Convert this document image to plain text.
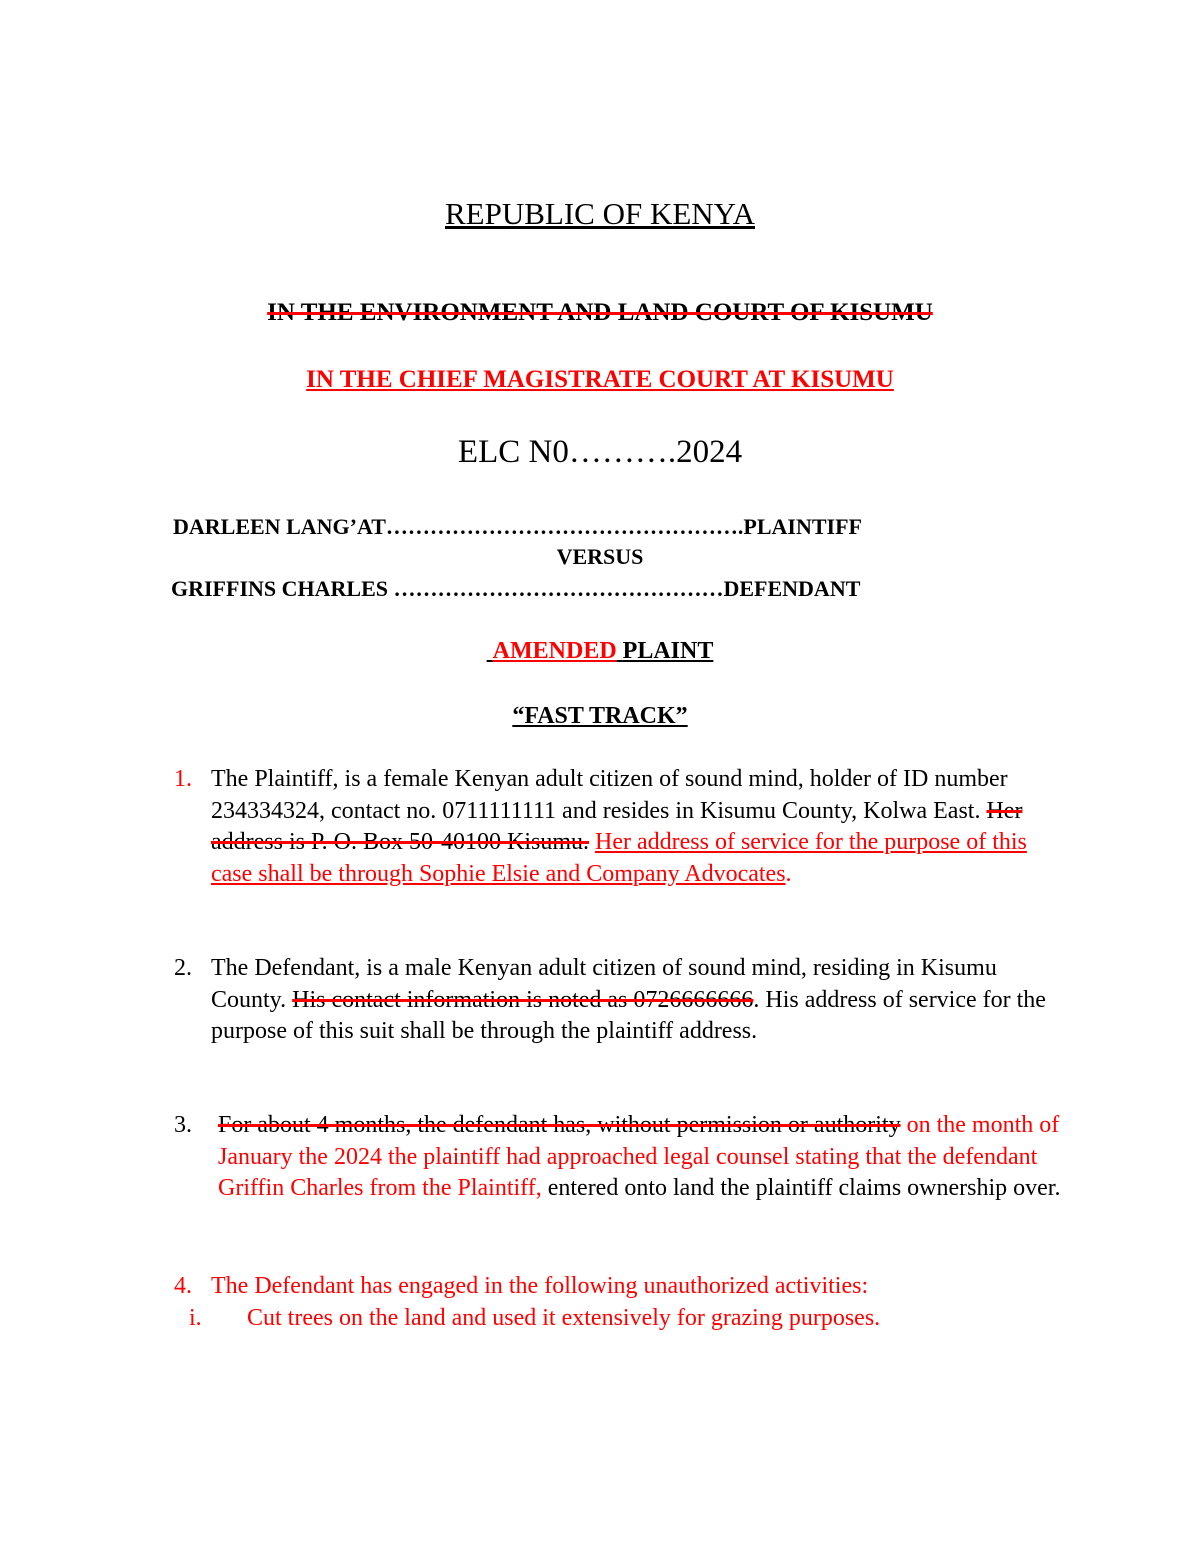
REPUBLIC OF KENYA
IN THE ENVIRONMENT AND LAND COURT OF KISUMU
IN THE CHIEF MAGISTRATE COURT AT KISUMU
ELC N0……….2024
DARLEEN LANG’AT………………………………………….PLAINTIFF
VERSUS
GRIFFINS CHARLES ………………………………………DEFENDANT
AMENDED PLAINT
“FAST TRACK”
1. The Plaintiff, is a female Kenyan adult citizen of sound mind, holder of ID number 234334324, contact no. 0711111111 and resides in Kisumu County, Kolwa East. Her address is P. O. Box 50-40100 Kisumu. Her address of service for the purpose of this case shall be through Sophie Elsie and Company Advocates.
2. The Defendant, is a male Kenyan adult citizen of sound mind, residing in Kisumu County. His contact information is noted as 0726666666. His address of service for the purpose of this suit shall be through the plaintiff address.
3. For about 4 months, the defendant has, without permission or authority on the month of January the 2024 the plaintiff had approached legal counsel stating that the defendant Griffin Charles from the Plaintiff, entered onto land the plaintiff claims ownership over.
4. The Defendant has engaged in the following unauthorized activities:
i. Cut trees on the land and used it extensively for grazing purposes.
